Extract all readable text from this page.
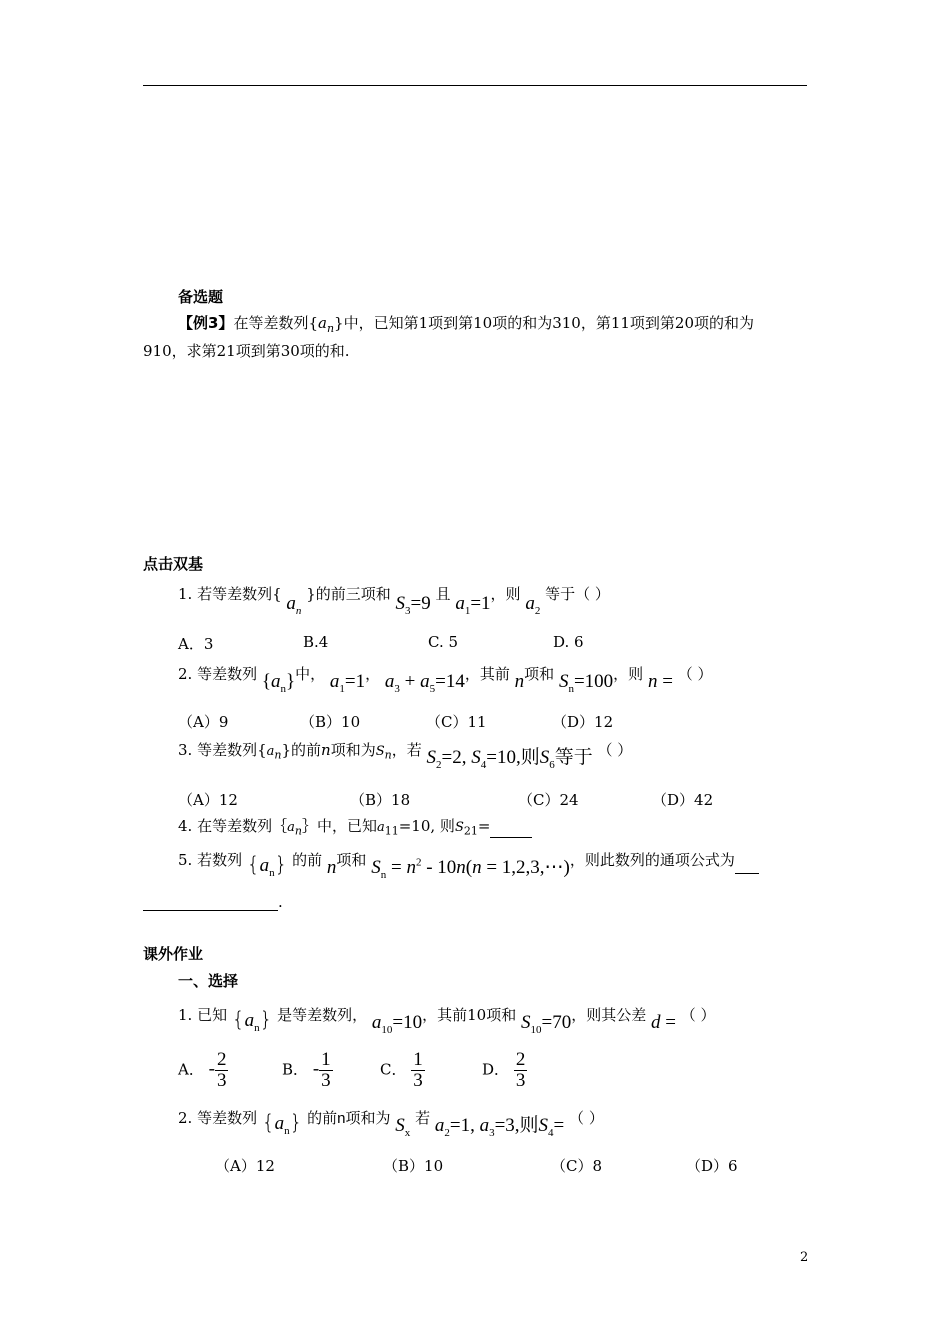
备选题
【例3】在等差数列$\{a_n\}$中，已知第1项到第10项的和为310，第11项到第20项的和为
910，求第21项到第30项的和.
点击双基
1. 若等差数列{ $a_n$ }的前三项和 $S_3=9$ 且 $a_1=1$，则 $a_2$ 等于（ ）
A．3	B.4	C. 5	D. 6
2. 等差数列 $\{a_n\}$中， $a_1=1$， $a_3 + a_5=14$，其前 n项和 $S_n=100$，则 n = （ ）
（A）9	（B）10	（C）11	（D）12
3. 等差数列$\{a_n\}$的前n项和为$S_n$，若 $S_2=2$, $S_4=10$,则$S_6$等于 （ ）
（A）12	（B）18	（C）24	（D）42
4. 在等差数列$\{a_n\}$中，已知$a_{11}=10$, 则$S_{21}=$
5. 若数列 $\{a_n\}$ 的前 n项和 $S_n = n^2 - 10n(n$ = 1,2,3,⋯)，则此数列的通项公式为
.
课外作业
一、选择
1. 已知 $\{a_n\}$ 是等差数列， $a_{10}=10$，其前10项和 $S_{10}=70$，则其公差 d = （ ）
A． - $\frac{2}{3}$	B． - $\frac{1}{3}$	C． $\frac{1}{3}$	D． $\frac{2}{3}$
2. 等差数列 $\{a_n\}$ 的前n项和为 $S_x$ 若 $a_2=1$, $a_3=3$,则$S_4=$ （ ）
（A）12	（B）10	（C）8	（D）6
2
